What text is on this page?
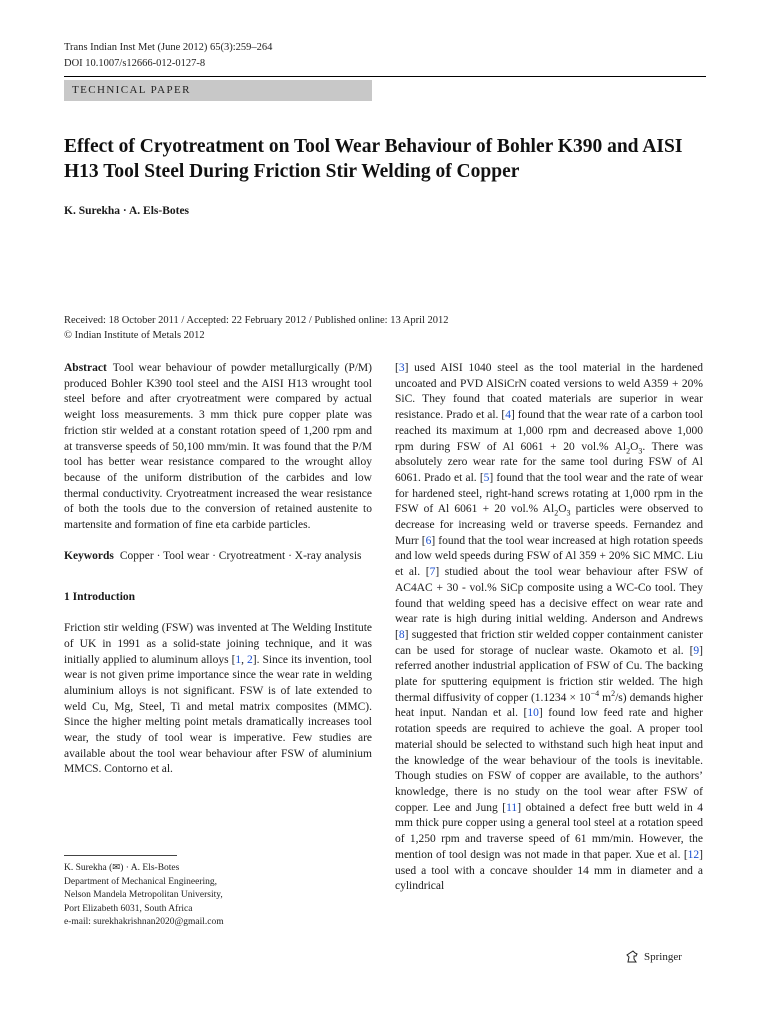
Trans Indian Inst Met (June 2012) 65(3):259–264
DOI 10.1007/s12666-012-0127-8
TECHNICAL PAPER
Effect of Cryotreatment on Tool Wear Behaviour of Bohler K390 and AISI H13 Tool Steel During Friction Stir Welding of Copper
K. Surekha · A. Els-Botes
Received: 18 October 2011 / Accepted: 22 February 2012 / Published online: 13 April 2012
© Indian Institute of Metals 2012

Abstract Tool wear behaviour of powder metallurgically (P/M) produced Bohler K390 tool steel and the AISI H13 wrought tool steel before and after cryotreatment were compared by actual weight loss measurements. 3 mm thick pure copper plate was friction stir welded at a constant rotation speed of 1,200 rpm and at transverse speeds of 50,100 mm/min. It was found that the P/M tool has better wear resistance compared to the wrought alloy because of the uniform distribution of the carbides and low thermal conductivity. Cryotreatment increased the wear resistance of both the tools due to the conversion of retained austenite to martensite and formation of fine eta carbide particles.

Keywords Copper · Tool wear · Cryotreatment · X-ray analysis

1 Introduction

Friction stir welding (FSW) was invented at The Welding Institute of UK in 1991 as a solid-state joining technique, and it was initially applied to aluminum alloys [1, 2]. Since its invention, tool wear is not given prime importance since the wear rate in welding aluminium alloys is not significant. FSW is of late extended to weld Cu, Mg, Steel, Ti and metal matrix composites (MMC). Since the higher melting point metals dramatically increases tool wear, the study of tool wear is imperative. Few studies are available about the tool wear behaviour after FSW of aluminium MMCS. Contorno et al.

K. Surekha (✉) · A. Els-Botes
Department of Mechanical Engineering,
Nelson Mandela Metropolitan University,
Port Elizabeth 6031, South Africa
e-mail: surekhakrishnan2020@gmail.com

[3] used AISI 1040 steel as the tool material in the hardened uncoated and PVD AlSiCrN coated versions to weld A359 + 20% SiC. They found that coated materials are superior in wear resistance. Prado et al. [4] found that the wear rate of a carbon tool reached its maximum at 1,000 rpm and decreased above 1,000 rpm during FSW of Al 6061 + 20 vol.% $Al_2O_3$. There was absolutely zero wear rate for the same tool during FSW of Al 6061. Prado et al. [5] found that the tool wear and the rate of wear for hardened steel, right-hand screws rotating at 1,000 rpm in the FSW of Al 6061 + 20 vol.% $Al_2O_3$ particles were observed to decrease for increasing weld or traverse speeds. Fernandez and Murr [6] found that the tool wear increased at high rotation speeds and low weld speeds during FSW of Al 359 + 20% SiC MMC. Liu et al. [7] studied about the tool wear behaviour after FSW of AC4AC + 30 - vol.% SiCp composite using a WC-Co tool. They found that welding speed has a decisive effect on wear rate and wear rate is high during initial welding. Anderson and Andrews [8] suggested that friction stir welded copper containment canister can be used for storage of nuclear waste. Okamoto et al. [9] referred another industrial application of FSW of Cu. The backing plate for sputtering equipment is friction stir welded. The high thermal diffusivity of copper ($1.1234 \times 10^{-4}$ $m^2/s$) demands higher heat input. Nandan et al. [10] found low feed rate and higher rotation speeds are required to achieve the goal. A proper tool material should be selected to withstand such high heat input and the knowledge of the wear behaviour of the tools is inevitable. Though studies on FSW of copper are available, to the authors’ knowledge, there is no study on the tool wear after FSW of copper. Lee and Jung [11] obtained a defect free butt weld in 4 mm thick pure copper using a general tool steel at a rotation speed of 1,250 rpm and traverse speed of 61 mm/min. However, the mention of tool design was not made in that paper. Xue et al. [12] used a tool with a concave shoulder 14 mm in diameter and a cylindrical

Springer
